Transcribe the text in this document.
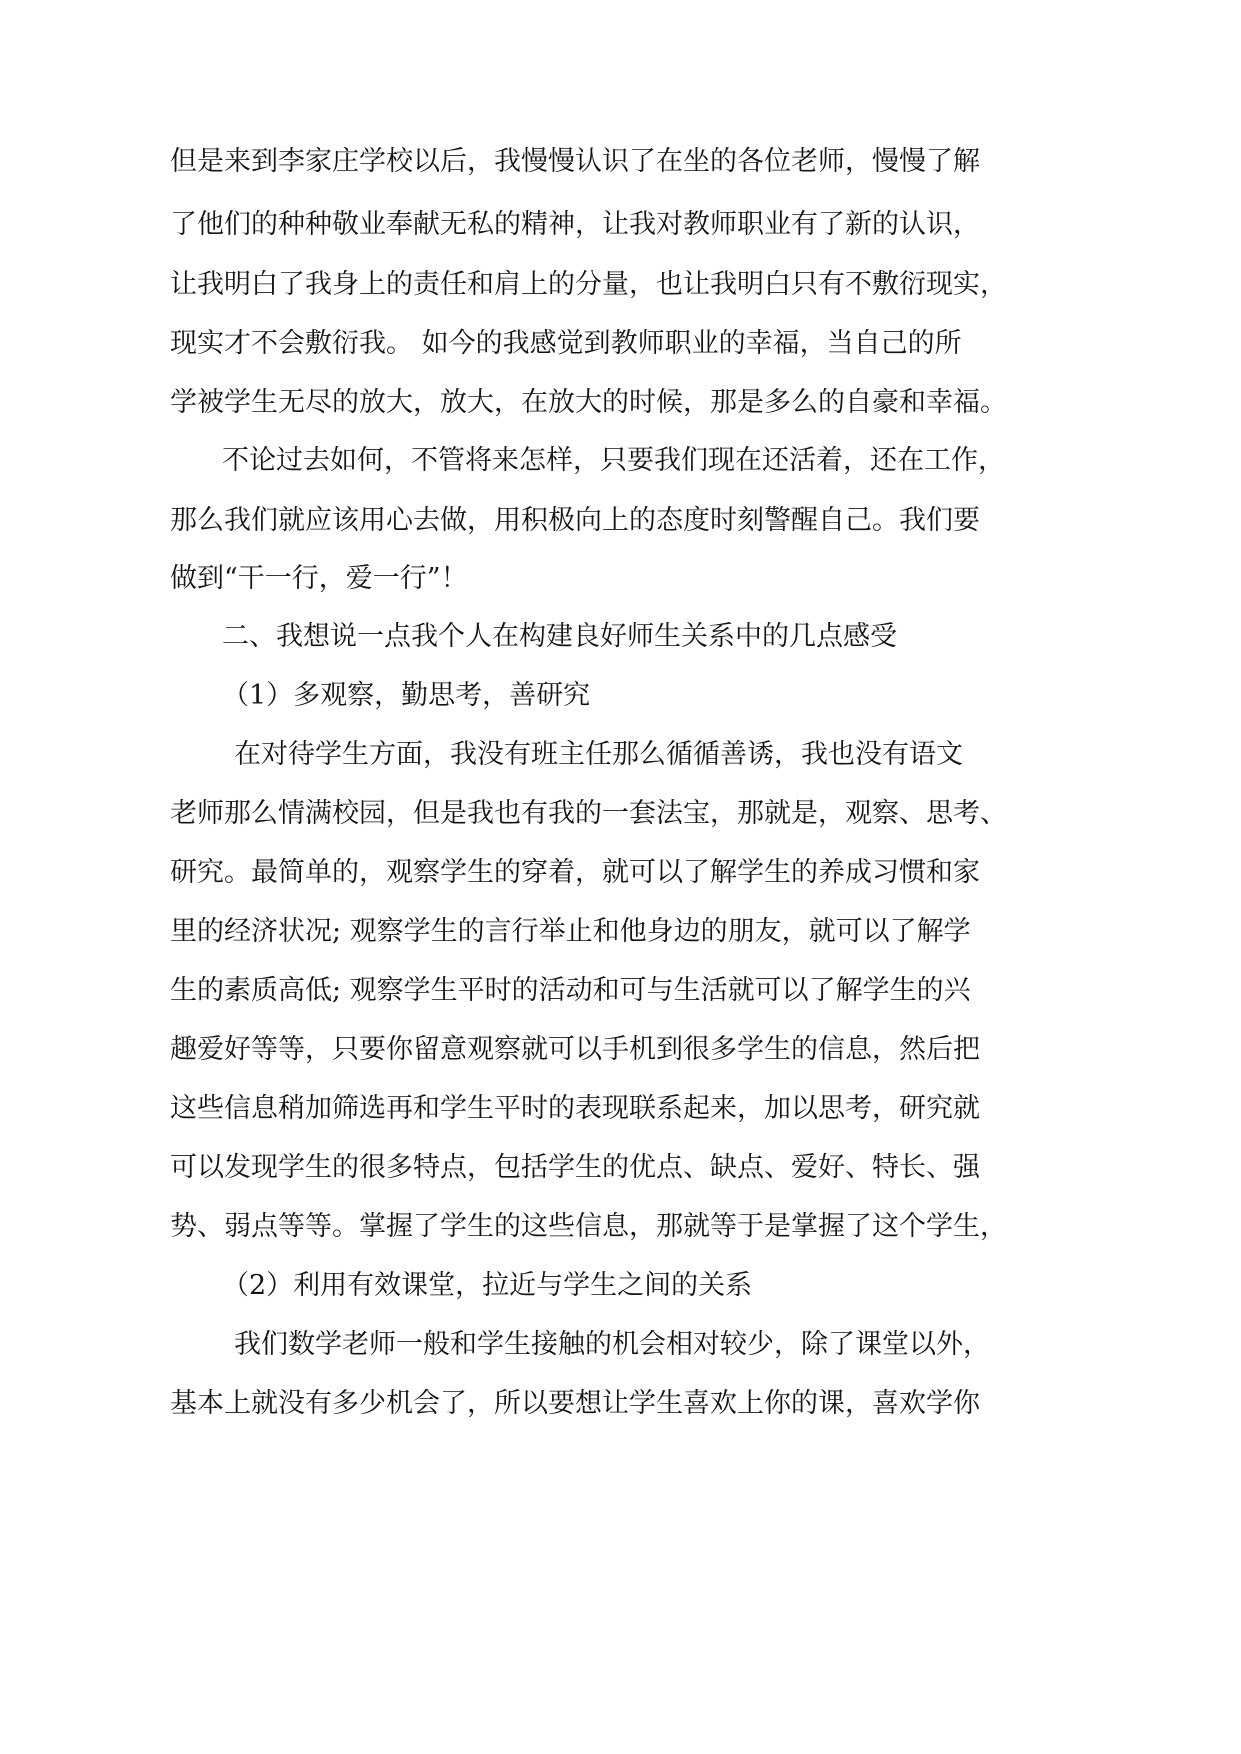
但是来到李家庄学校以后，我慢慢认识了在坐的各位老师，慢慢了解
了他们的种种敬业奉献无私的精神，让我对教师职业有了新的认识，
让我明白了我身上的责任和肩上的分量，也让我明白只有不敷衍现实，
现实才不会敷衍我。 如今的我感觉到教师职业的幸福，当自己的所
学被学生无尽的放大，放大，在放大的时候，那是多么的自豪和幸福。
不论过去如何，不管将来怎样，只要我们现在还活着，还在工作，
那么我们就应该用心去做，用积极向上的态度时刻警醒自己。我们要
做到“干一行，爱一行”！
二、我想说一点我个人在构建良好师生关系中的几点感受
（1）多观察，勤思考，善研究
在对待学生方面，我没有班主任那么循循善诱，我也没有语文
老师那么情满校园，但是我也有我的一套法宝，那就是，观察、思考、
研究。最简单的，观察学生的穿着，就可以了解学生的养成习惯和家
里的经济状况; 观察学生的言行举止和他身边的朋友，就可以了解学
生的素质高低; 观察学生平时的活动和可与生活就可以了解学生的兴
趣爱好等等，只要你留意观察就可以手机到很多学生的信息，然后把
这些信息稍加筛选再和学生平时的表现联系起来，加以思考，研究就
可以发现学生的很多特点，包括学生的优点、缺点、爱好、特长、强
势、弱点等等。掌握了学生的这些信息，那就等于是掌握了这个学生，
（2）利用有效课堂，拉近与学生之间的关系
我们数学老师一般和学生接触的机会相对较少，除了课堂以外，
基本上就没有多少机会了，所以要想让学生喜欢上你的课，喜欢学你
